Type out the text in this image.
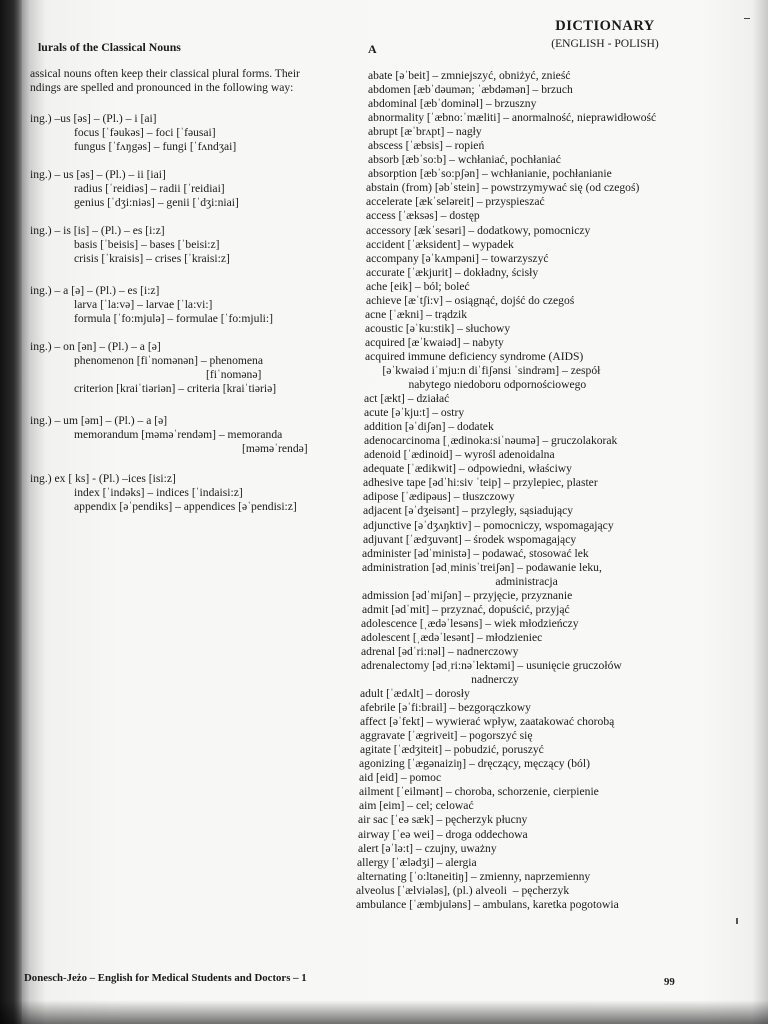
lurals of the Classical Nouns
assical nouns often keep their classical plural forms. Their
ndings are spelled and pronounced in the following way:
ing.) –us [əs] – (Pl.) – i [ai]
focus [ˈfəukəs] – foci [ˈfəusai]
fungus [ˈfʌŋgəs] – fungi [ˈfʌndʒai]
ing.) – us [əs] – (Pl.) – ii [iai]
radius [ˈreidiəs] – radii [ˈreidiai]
genius [ˈdʒi:niəs] – genii [ˈdʒi:niai]
ing.) – is [is] – (Pl.) – es [i:z]
basis [ˈbeisis] – bases [ˈbeisi:z]
crisis [ˈkraisis] – crises [ˈkraisi:z]
ing.) – a [ə] – (Pl.) – es [i:z]
larva [ˈla:və] – larvae [ˈla:vi:]
formula [ˈfo:mjulə] – formulae [ˈfo:mjuli:]
ing.) – on [ən] – (Pl.) – a [ə]
phenomenon [fiˈnomənən] – phenomena
[fiˈnomənə]
criterion [kraiˈtiəriən] – criteria [kraiˈtiəriə]
ing.) – um [əm] – (Pl.) – a [ə]
memorandum [məməˈrendəm] – memoranda
[məməˈrendə]
ing.) ex [ ks] - (Pl.) –ices [isi:z]
index [ˈindəks] – indices [ˈindaisi:z]
appendix [əˈpendiks] – appendices [əˈpendisi:z]
DICTIONARY
(ENGLISH - POLISH)
A
abate [əˈbeit] – zmniejszyć, obniżyć, znieść
abdomen [æbˈdəumən; ˈæbdəmən] – brzuch
abdominal [æbˈdominəl] – brzuszny
abnormality [ˈæbno:ˈmæliti] – anormalność, nieprawidłowość
abrupt [æˈbrʌpt] – nagły
abscess [ˈæbsis] – ropień
absorb [æbˈso:b] – wchłaniać, pochłaniać
absorption [æbˈso:pʃən] – wchłanianie, pochłanianie
abstain (from) [əbˈstein] – powstrzymywać się (od czegoś)
accelerate [ækˈseləreit] – przyspieszać
access [ˈæksəs] – dostęp
accessory [ækˈsesəri] – dodatkowy, pomocniczy
accident [ˈæksident] – wypadek
accompany [əˈkʌmpəni] – towarzyszyć
accurate [ˈækjurit] – dokładny, ścisły
ache [eik] – ból; boleć
achieve [æˈtʃi:v] – osiągnąć, dojść do czegoś
acne [ˈækni] – trądzik
acoustic [əˈku:stik] – słuchowy
acquired [æˈkwaiəd] – nabyty
acquired immune deficiency syndrome (AIDS)
[əˈkwaiəd iˈmju:n diˈfiʃənsi ˈsindrəm] – zespół
nabytego niedoboru odpornościowego
act [ækt] – działać
acute [əˈkju:t] – ostry
addition [əˈdiʃən] – dodatek
adenocarcinoma [ˌædinoka:siˈnəumə] – gruczolakorak
adenoid [ˈædinoid] – wyrośl adenoidalna
adequate [ˈædikwit] – odpowiedni, właściwy
adhesive tape [ədˈhi:siv ˈteip] – przylepiec, plaster
adipose [ˈædipəus] – tłuszczowy
adjacent [əˈdʒeisənt] – przyległy, sąsiadujący
adjunctive [əˈdʒʌŋktiv] – pomocniczy, wspomagający
adjuvant [ˈædʒuvənt] – środek wspomagający
administer [ədˈministə] – podawać, stosować lek
administration [ədˌminisˈtreiʃən] – podawanie leku,
administracja
admission [ədˈmiʃən] – przyjęcie, przyznanie
admit [ədˈmit] – przyznać, dopuścić, przyjąć
adolescence [ˌædəˈlesəns] – wiek młodzieńczy
adolescent [ˌædəˈlesənt] – młodzieniec
adrenal [ədˈri:nəl] – nadnerczowy
adrenalectomy [ədˌri:nəˈlektəmi] – usunięcie gruczołów
nadnerczy
adult [ˈædʌlt] – dorosły
afebrile [əˈfi:brail] – bezgorączkowy
affect [əˈfekt] – wywierać wpływ, zaatakować chorobą
aggravate [ˈægriveit] – pogorszyć się
agitate [ˈædʒiteit] – pobudzić, poruszyć
agonizing [ˈægənaiziŋ] – dręczący, męczący (ból)
aid [eid] – pomoc
ailment [ˈeilmənt] – choroba, schorzenie, cierpienie
aim [eim] – cel; celować
air sac [ˈeə sæk] – pęcherzyk płucny
airway [ˈeə wei] – droga oddechowa
alert [əˈlə:t] – czujny, uważny
allergy [ˈælədʒi] – alergia
alternating [ˈo:ltəneitiŋ] – zmienny, naprzemienny
alveolus [ˈælviələs], (pl.) alveoli  – pęcherzyk
ambulance [ˈæmbjuləns] – ambulans, karetka pogotowia
Donesch-Jeżo – English for Medical Students and Doctors – 1	99
